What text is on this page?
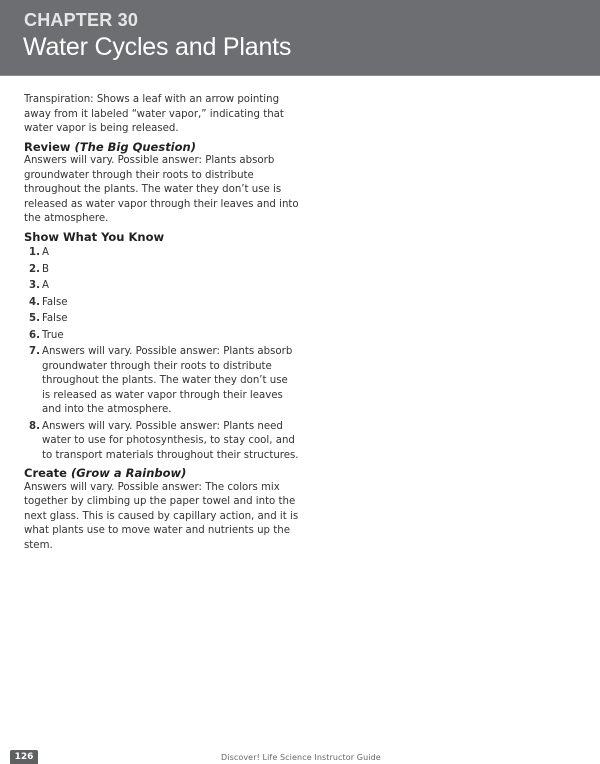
CHAPTER 30
Water Cycles and Plants

Transpiration: Shows a leaf with an arrow pointing away from it labeled “water vapor,” indicating that water vapor is being released.

Review (The Big Question)

Answers will vary. Possible answer: Plants absorb groundwater through their roots to distribute throughout the plants. The water they don’t use is released as water vapor through their leaves and into the atmosphere.

Show What You Know
1. A
2. B
3. A
4. False
5. False
6. True
7. Answers will vary. Possible answer: Plants absorb groundwater through their roots to distribute throughout the plants. The water they don’t use is released as water vapor through their leaves and into the atmosphere.
8. Answers will vary. Possible answer: Plants need water to use for photosynthesis, to stay cool, and to transport materials throughout their structures.
Create (Grow a Rainbow)

Answers will vary. Possible answer: The colors mix together by climbing up the paper towel and into the next glass. This is caused by capillary action, and it is what plants use to move water and nutrients up the stem.

126	Discover! Life Science Instructor Guide
